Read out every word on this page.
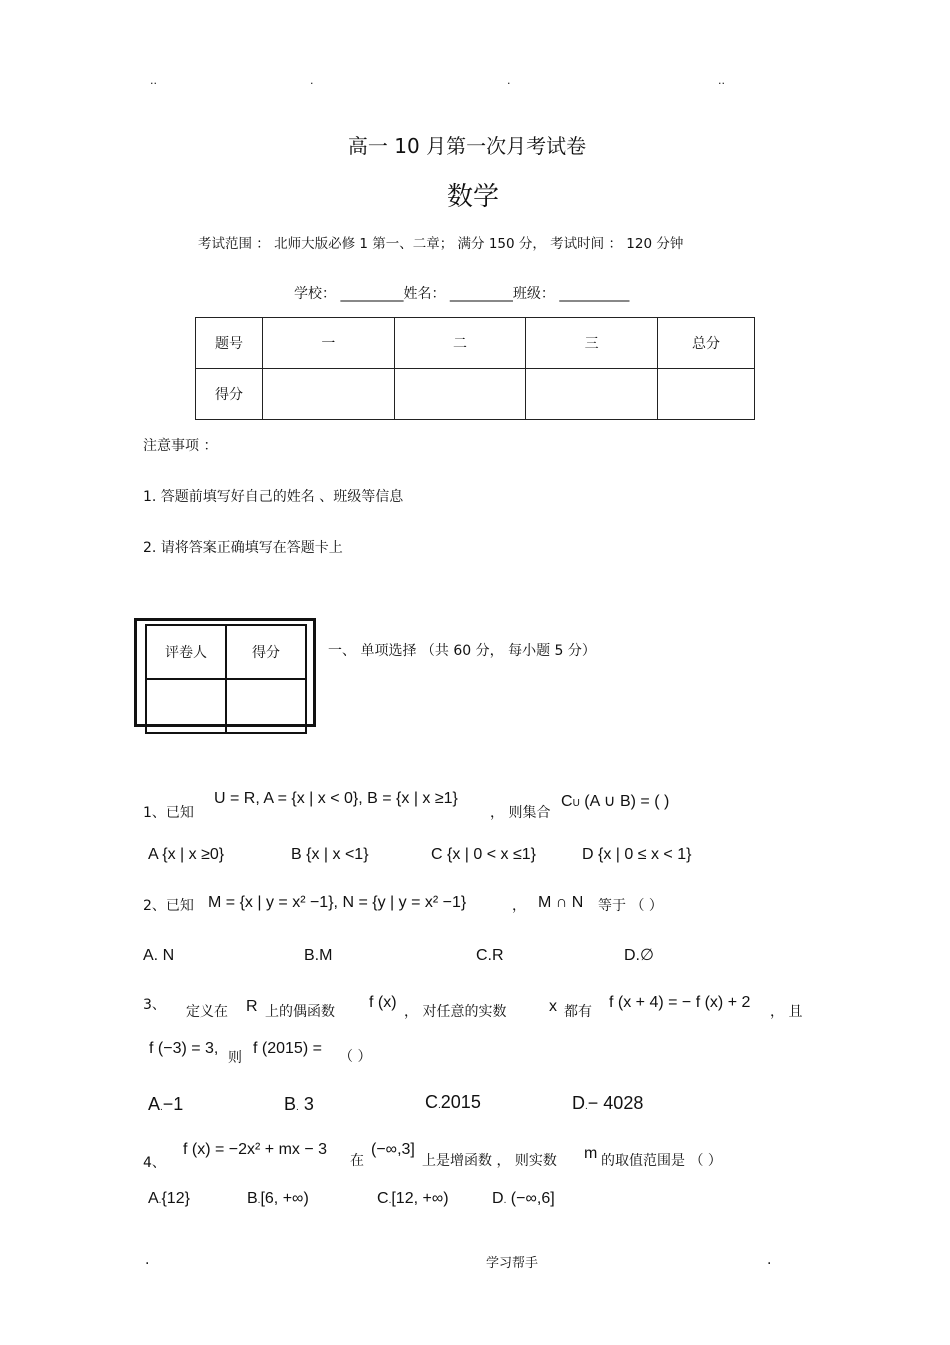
..	.	.	..
高一 10 月第一次月考试卷
数学
考试范围 ： 北师大版必修 1 第一、二章； 满分 150 分， 考试时间 ： 120 分钟
学校： _________姓名： _________班级： __________
题号	一	二	三	总分
得分				
注意事项 ：
1. 答题前填写好自己的姓名 、班级等信息
2. 请将答案正确填写在答题卡上
评卷人	得分
		一、 单项选择 （共 60 分， 每小题 5 分）
1、已知
U = R, A = {x | x < 0}, B = {x | x ≥1}
， 则集合
CU (A ∪ B) = ( )
A {x | x ≥0}	B {x | x <1}	C {x | 0 < x ≤1}	D {x | 0 ≤ x < 1}
2、已知 M = {x | y = x² −1}, N = {y | y = x² −1}	， M ∩ N 等于 （ ）
A. N	B.M	C.R	D.∅
3、 定义在 R 上的偶函数
f (x)
， 对任意的实数	x 都有
f (x + 4) = − f (x) + 2
， 且
f (−3) = 3,
则
f (2015) = （ ）
A.−1	B. 3	C.2015	D.− 4028
4、
f (x) = −2x² + mx − 3
在
(−∞,3]
上是增函数 ， 则实数 m 的取值范围是 （ ）
A.{12}	B.[6, +∞)	C.[12, +∞)	D. (−∞,6]
.	学习帮手	.
